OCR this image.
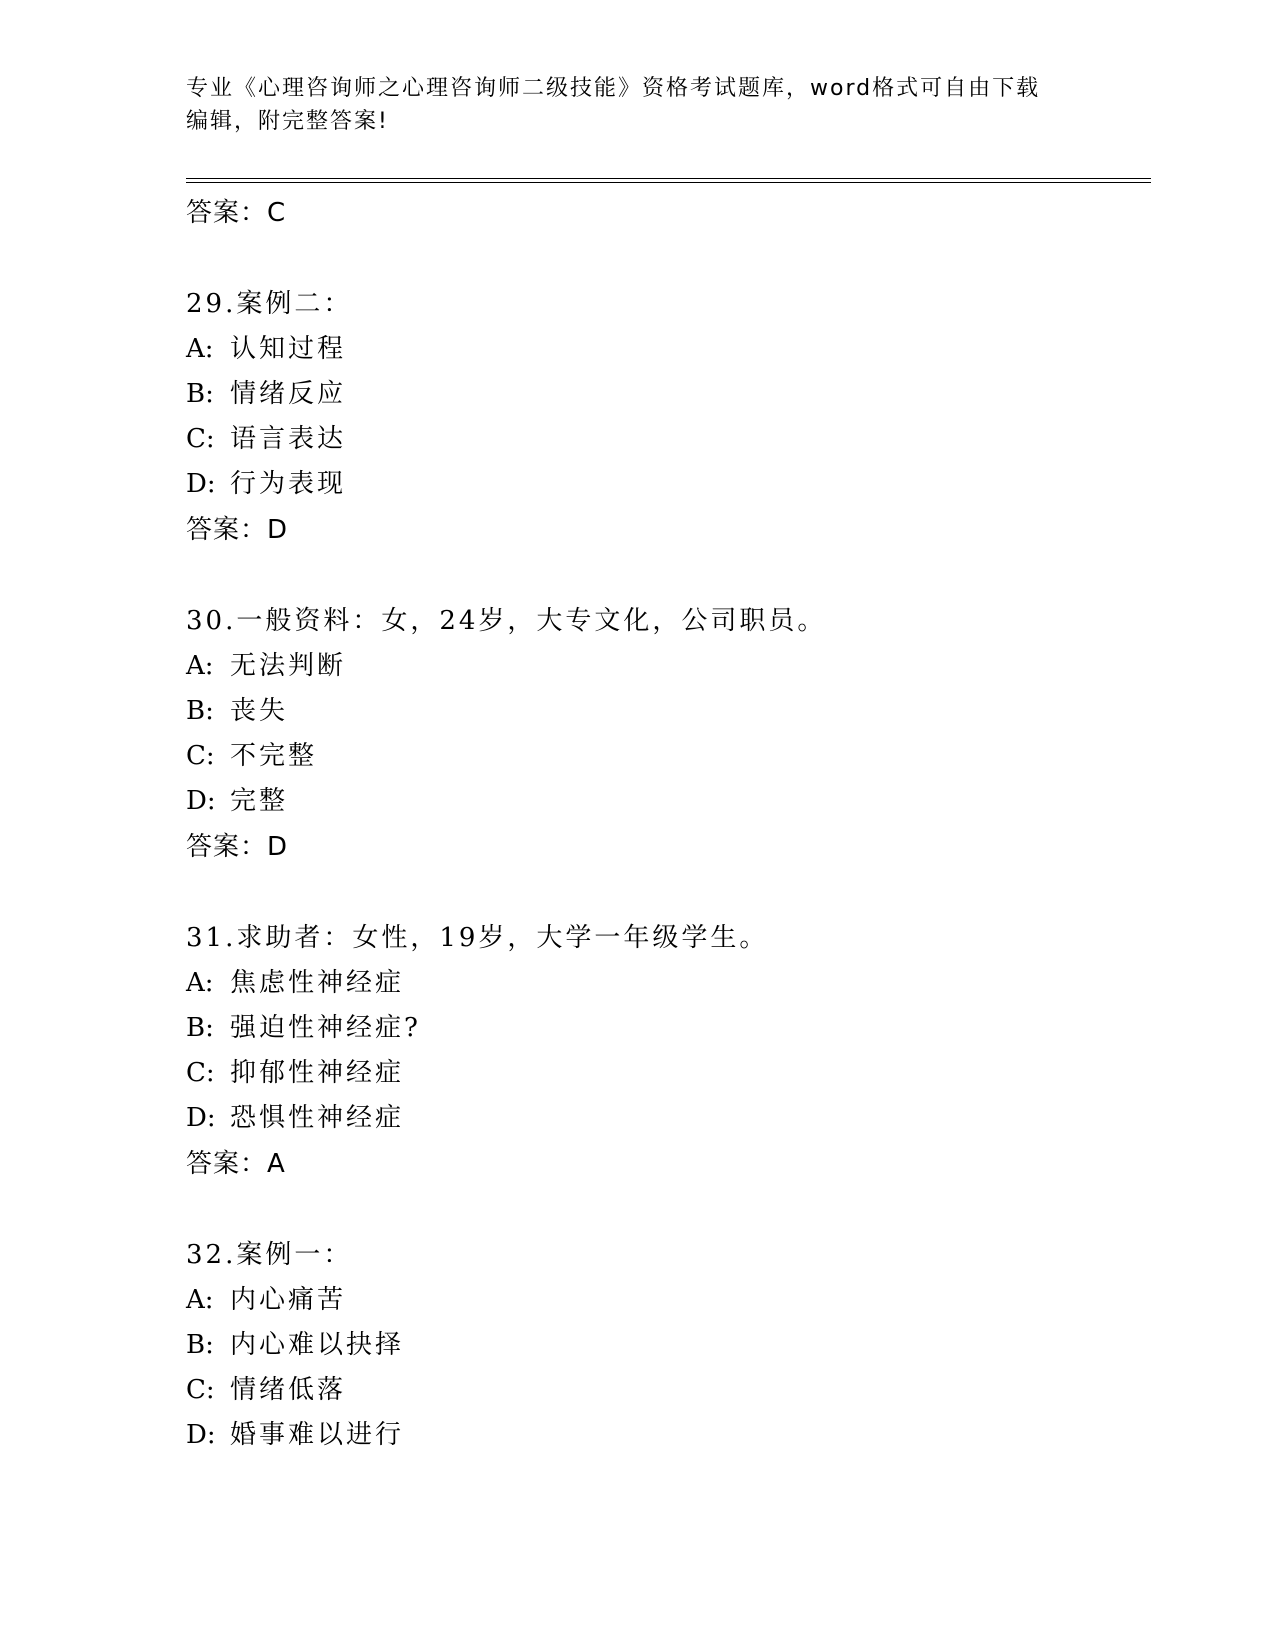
专业《心理咨询师之心理咨询师二级技能》资格考试题库，word格式可自由下载
编辑，附完整答案!
答案：C
29.案例二：
A: 认知过程
B: 情绪反应
C: 语言表达
D: 行为表现
答案：D
30.一般资料：女，24岁，大专文化，公司职员。
A: 无法判断
B: 丧失
C: 不完整
D: 完整
答案：D
31.求助者：女性，19岁，大学一年级学生。
A: 焦虑性神经症
B: 强迫性神经症?
C: 抑郁性神经症
D: 恐惧性神经症
答案：A
32.案例一：
A: 内心痛苦
B: 内心难以抉择
C: 情绪低落
D: 婚事难以进行
